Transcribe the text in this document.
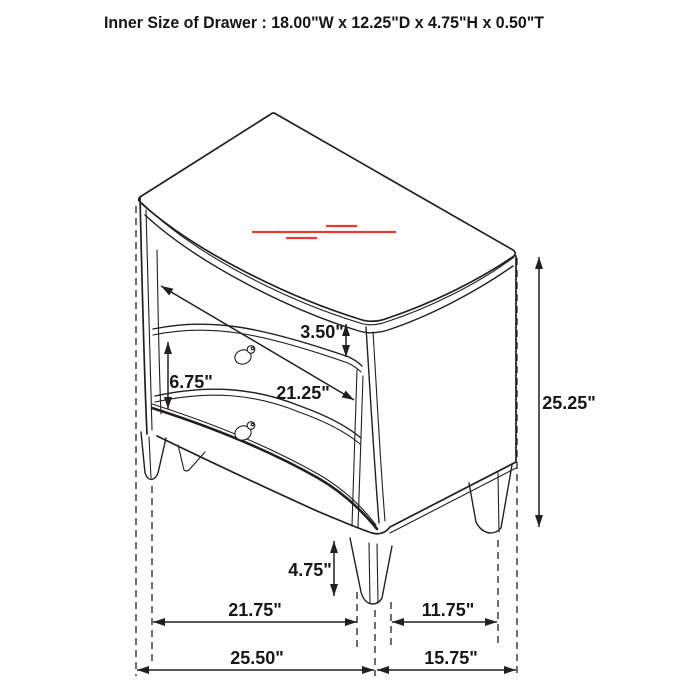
Inner Size of Drawer : 18.00"W x 12.25"D x 4.75"H x 0.50"T
3.50"
6.75"
21.25"	25.25"
4.75"
21.75"	11.75"
25.50"	15.75"
